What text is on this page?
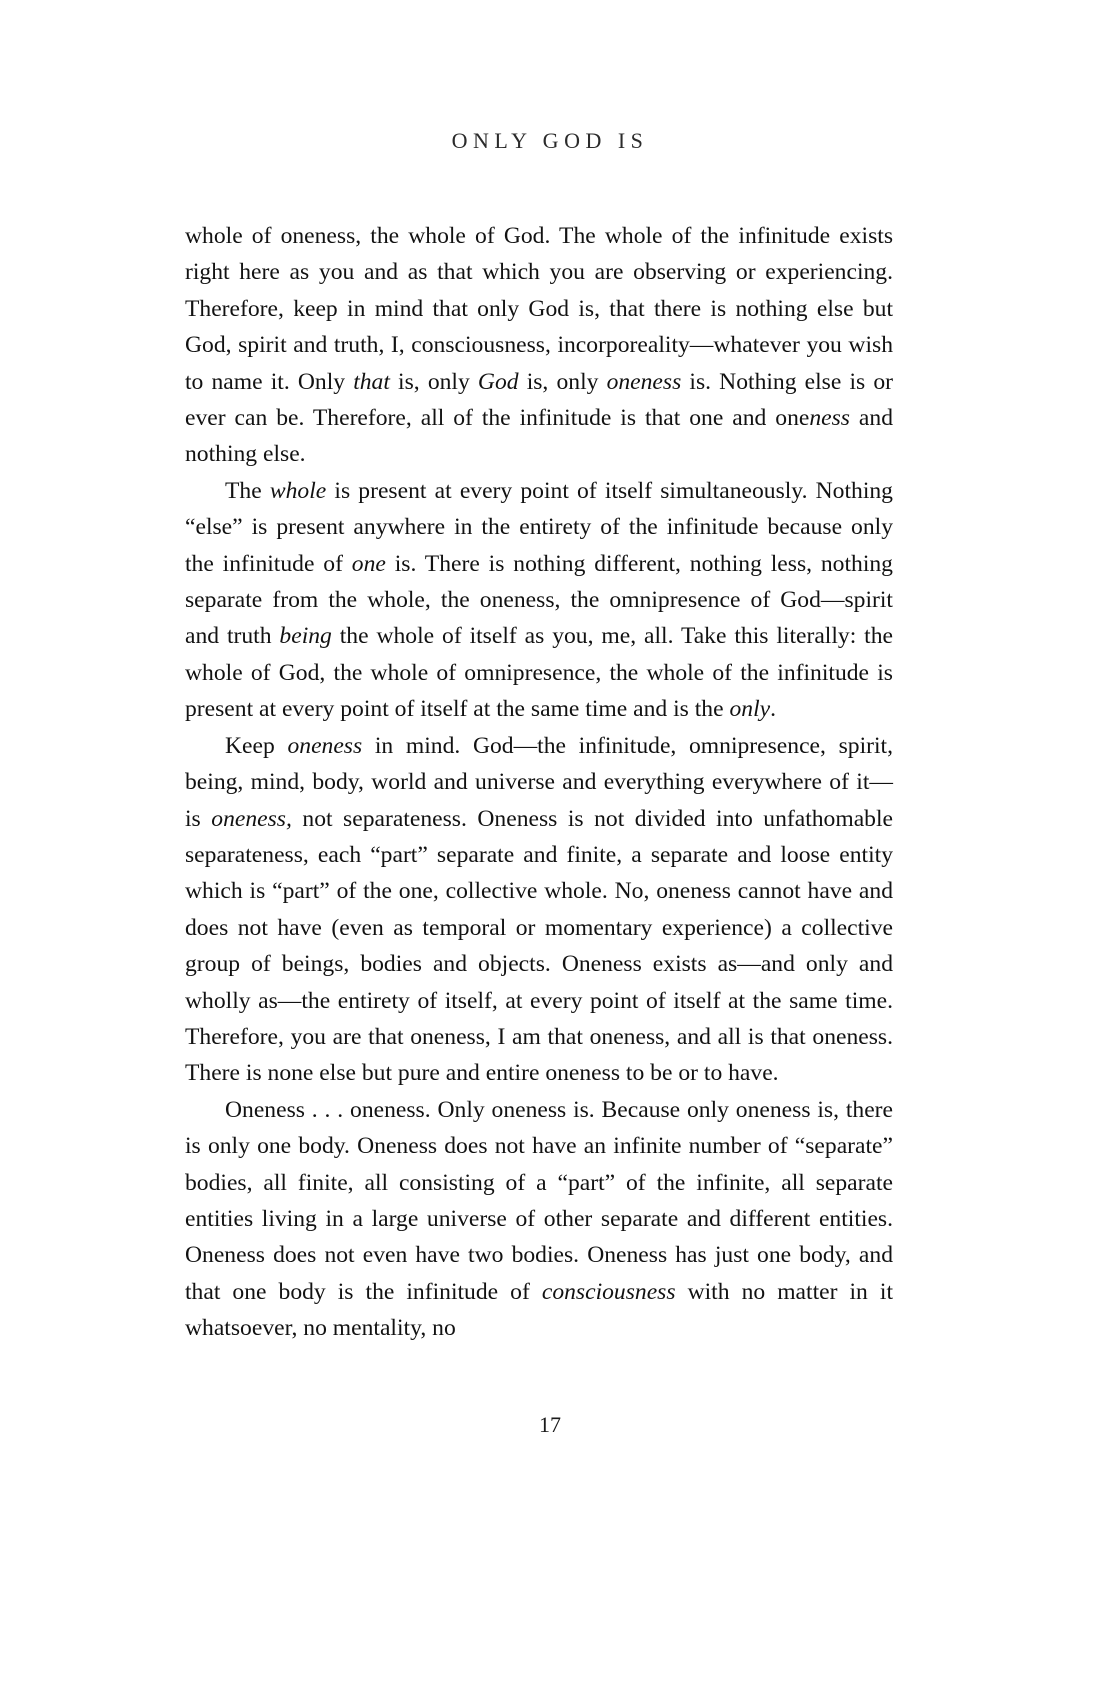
ONLY GOD IS

whole of oneness, the whole of God. The whole of the infinitude exists right here as you and as that which you are observing or experiencing. Therefore, keep in mind that only God is, that there is nothing else but God, spirit and truth, I, consciousness, incorporeality—whatever you wish to name it. Only that is, only God is, only oneness is. Nothing else is or ever can be. Therefore, all of the infinitude is that one and oneness and nothing else.

The whole is present at every point of itself simultaneously. Nothing “else” is present anywhere in the entirety of the infinitude because only the infinitude of one is. There is nothing different, nothing less, nothing separate from the whole, the oneness, the omnipresence of God—spirit and truth being the whole of itself as you, me, all. Take this literally: the whole of God, the whole of omnipresence, the whole of the infinitude is present at every point of itself at the same time and is the only.

Keep oneness in mind. God—the infinitude, omnipresence, spirit, being, mind, body, world and universe and everything everywhere of it—is oneness, not separateness. Oneness is not divided into unfathomable separateness, each “part” separate and finite, a separate and loose entity which is “part” of the one, collective whole. No, oneness cannot have and does not have (even as temporal or momentary experience) a collective group of beings, bodies and objects. Oneness exists as—and only and wholly as—the entirety of itself, at every point of itself at the same time. Therefore, you are that oneness, I am that oneness, and all is that oneness. There is none else but pure and entire oneness to be or to have.

Oneness . . . oneness. Only oneness is. Because only oneness is, there is only one body. Oneness does not have an infinite number of “separate” bodies, all finite, all consisting of a “part” of the infinite, all separate entities living in a large universe of other separate and different entities. Oneness does not even have two bodies. Oneness has just one body, and that one body is the infinitude of consciousness with no matter in it whatsoever, no mentality, no

17
